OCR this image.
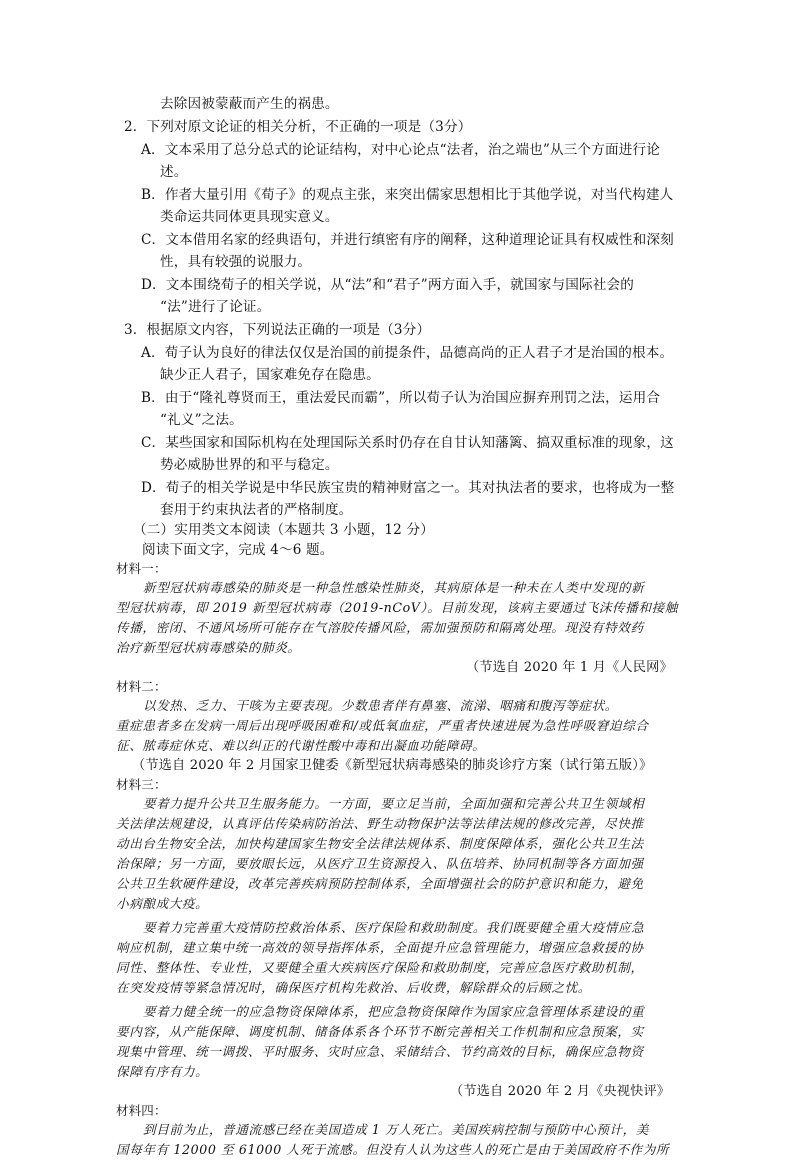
去除因被蒙蔽而产生的祸患。
2．下列对原文论证的相关分析，不正确的一项是（3分）
A．文本采用了总分总式的论证结构，对中心论点“法者，治之端也”从三个方面进行论
述。
B．作者大量引用《荀子》的观点主张，来突出儒家思想相比于其他学说，对当代构建人
类命运共同体更具现实意义。
C．文本借用名家的经典语句，并进行缜密有序的阐释，这种道理论证具有权威性和深刻
性，具有较强的说服力。
D．文本围绕荀子的相关学说，从“法”和“君子”两方面入手，就国家与国际社会的
“法”进行了论证。
3．根据原文内容，下列说法正确的一项是（3分）
A．荀子认为良好的律法仅仅是治国的前提条件，品德高尚的正人君子才是治国的根本。
缺少正人君子，国家难免存在隐患。
B．由于“隆礼尊贤而王，重法爱民而霸”，所以荀子认为治国应摒弃刑罚之法，运用合
“礼义”之法。
C．某些国家和国际机构在处理国际关系时仍存在自甘认知藩篱、搞双重标准的现象，这
势必威胁世界的和平与稳定。
D．荀子的相关学说是中华民族宝贵的精神财富之一。其对执法者的要求，也将成为一整
套用于约束执法者的严格制度。
（二）实用类文本阅读（本题共 3 小题，12 分）
阅读下面文字，完成 4～6 题。
材料一：
新型冠状病毒感染的肺炎是一种急性感染性肺炎，其病原体是一种未在人类中发现的新
型冠状病毒，即 2019 新型冠状病毒（2019-nCoV）。目前发现，该病主要通过飞沫传播和接触
传播，密闭、不通风场所可能存在气溶胶传播风险，需加强预防和隔离处理。现没有特效药
治疗新型冠状病毒感染的肺炎。
（节选自 2020 年 1 月《人民网》
材料二：
以发热、乏力、干咳为主要表现。少数患者伴有鼻塞、流涕、咽痛和腹泻等症状。
重症患者多在发病一周后出现呼吸困难和/或低氧血症，严重者快速进展为急性呼吸窘迫综合
征、脓毒症休克、难以纠正的代谢性酸中毒和出凝血功能障碍。
（节选自 2020 年 2 月国家卫健委《新型冠状病毒感染的肺炎诊疗方案（试行第五版）》
材料三：
要着力提升公共卫生服务能力。一方面，要立足当前，全面加强和完善公共卫生领域相
关法律法规建设，认真评估传染病防治法、野生动物保护法等法律法规的修改完善，尽快推
动出台生物安全法，加快构建国家生物安全法律法规体系、制度保障体系，强化公共卫生法
治保障；另一方面，要放眼长远，从医疗卫生资源投入、队伍培养、协同机制等各方面加强
公共卫生软硬件建设，改革完善疾病预防控制体系，全面增强社会的防护意识和能力，避免
小病酿成大疫。
要着力完善重大疫情防控救治体系、医疗保险和救助制度。我们既要健全重大疫情应急
响应机制，建立集中统一高效的领导指挥体系，全面提升应急管理能力，增强应急救援的协
同性、整体性、专业性，又要健全重大疾病医疗保险和救助制度，完善应急医疗救助机制，
在突发疫情等紧急情况时，确保医疗机构先救治、后收费，解除群众的后顾之忧。
要着力健全统一的应急物资保障体系，把应急物资保障作为国家应急管理体系建设的重
要内容，从产能保障、调度机制、储备体系各个环节不断完善相关工作机制和应急预案，实
现集中管理、统一调拨、平时服务、灾时应急、采储结合、节约高效的目标，确保应急物资
保障有序有力。
（节选自 2020 年 2 月《央视快评》
材料四：
到目前为止，普通流感已经在美国造成 1 万人死亡。美国疾病控制与预防中心预计，美
国每年有 12000 至 61000 人死于流感。但没有人认为这些人的死亡是由于美国政府不作为所
